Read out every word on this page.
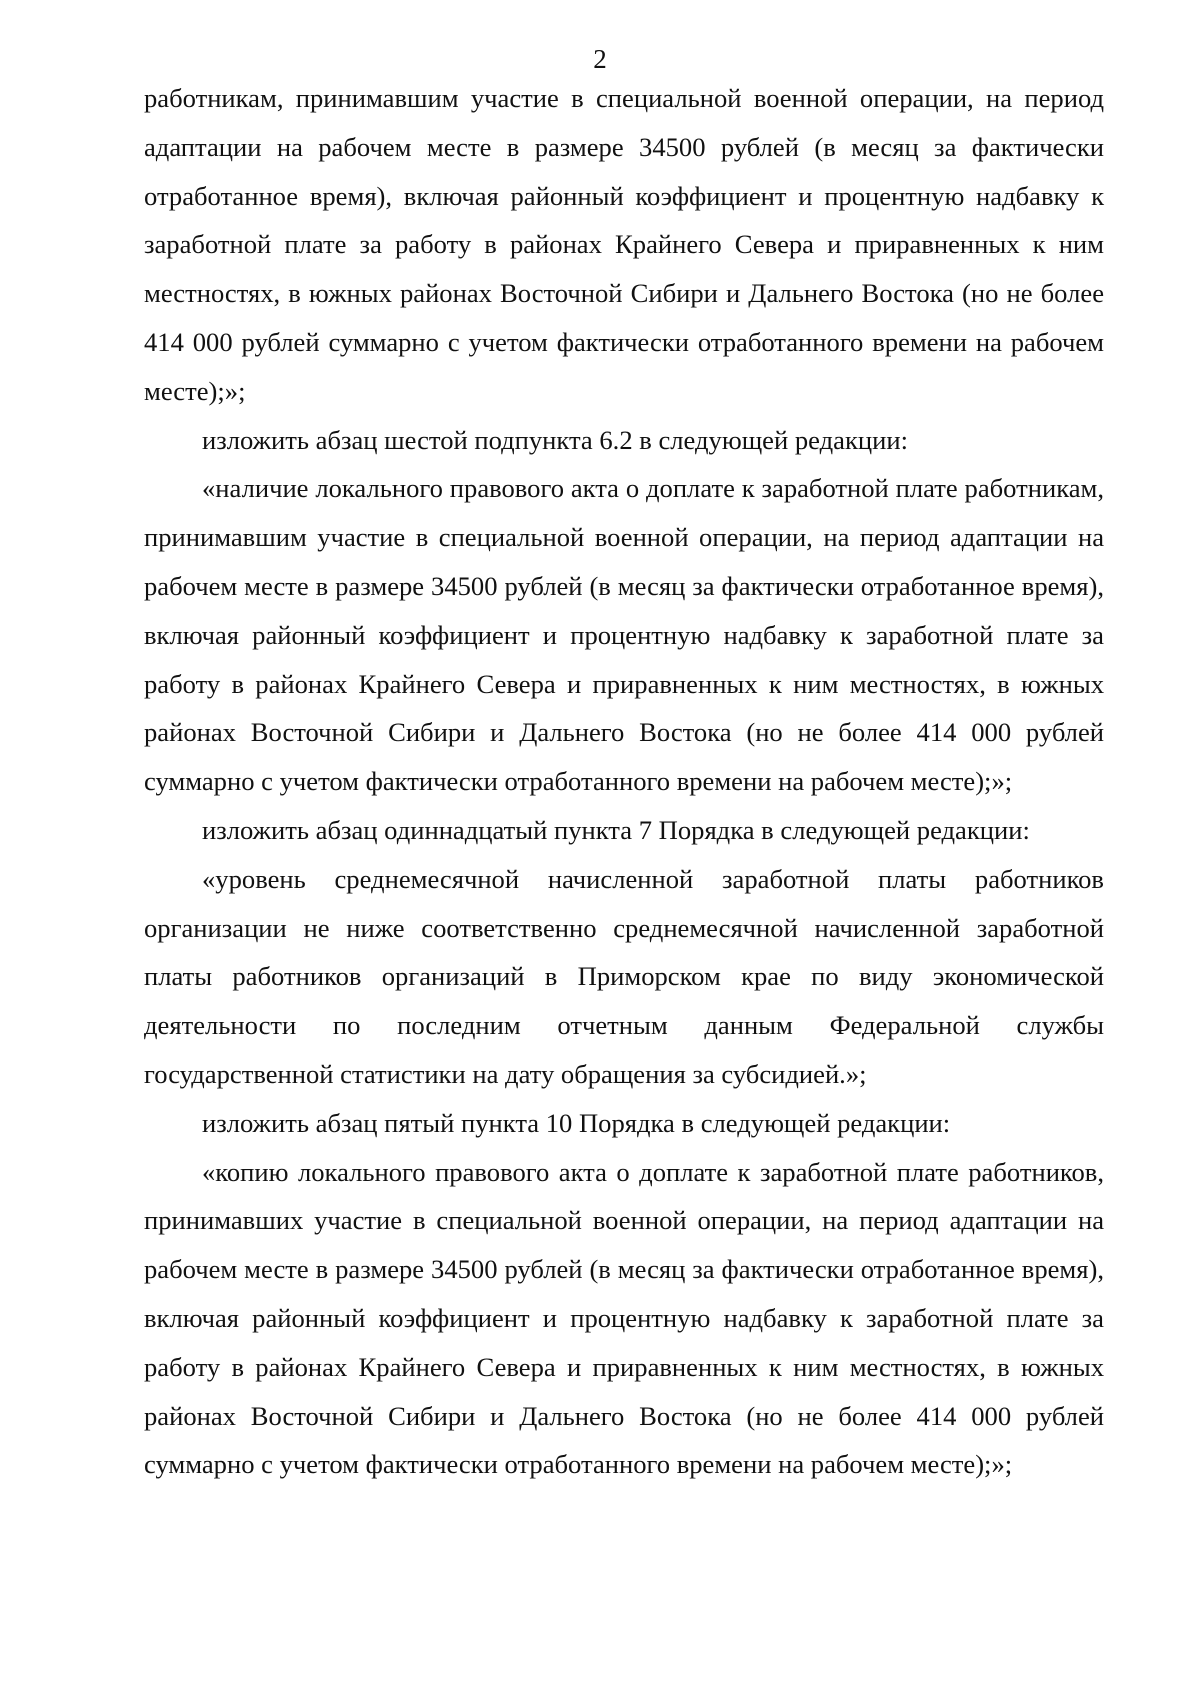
2

работникам, принимавшим участие в специальной военной операции, на период адаптации на рабочем месте в размере 34500 рублей (в месяц за фактически отработанное время), включая районный коэффициент и процентную надбавку к заработной плате за работу в районах Крайнего Севера и приравненных к ним местностях, в южных районах Восточной Сибири и Дальнего Востока (но не более 414 000 рублей суммарно с учетом фактически отработанного времени на рабочем месте);»;

изложить абзац шестой подпункта 6.2 в следующей редакции:

«наличие локального правового акта о доплате к заработной плате работникам, принимавшим участие в специальной военной операции, на период адаптации на рабочем месте в размере 34500 рублей (в месяц за фактически отработанное время), включая районный коэффициент и процентную надбавку к заработной плате за работу в районах Крайнего Севера и приравненных к ним местностях, в южных районах Восточной Сибири и Дальнего Востока (но не более 414 000 рублей суммарно с учетом фактически отработанного времени на рабочем месте);»;

изложить абзац одиннадцатый пункта 7 Порядка в следующей редакции:

«уровень среднемесячной начисленной заработной платы работников организации не ниже соответственно среднемесячной начисленной заработной платы работников организаций в Приморском крае по виду экономической деятельности по последним отчетным данным Федеральной службы государственной статистики на дату обращения за субсидией.»;

изложить абзац пятый пункта 10 Порядка в следующей редакции:

«копию локального правового акта о доплате к заработной плате работников, принимавших участие в специальной военной операции, на период адаптации на рабочем месте в размере 34500 рублей (в месяц за фактически отработанное время), включая районный коэффициент и процентную надбавку к заработной плате за работу в районах Крайнего Севера и приравненных к ним местностях, в южных районах Восточной Сибири и Дальнего Востока (но не более 414 000 рублей суммарно с учетом фактически отработанного времени на рабочем месте);»;
